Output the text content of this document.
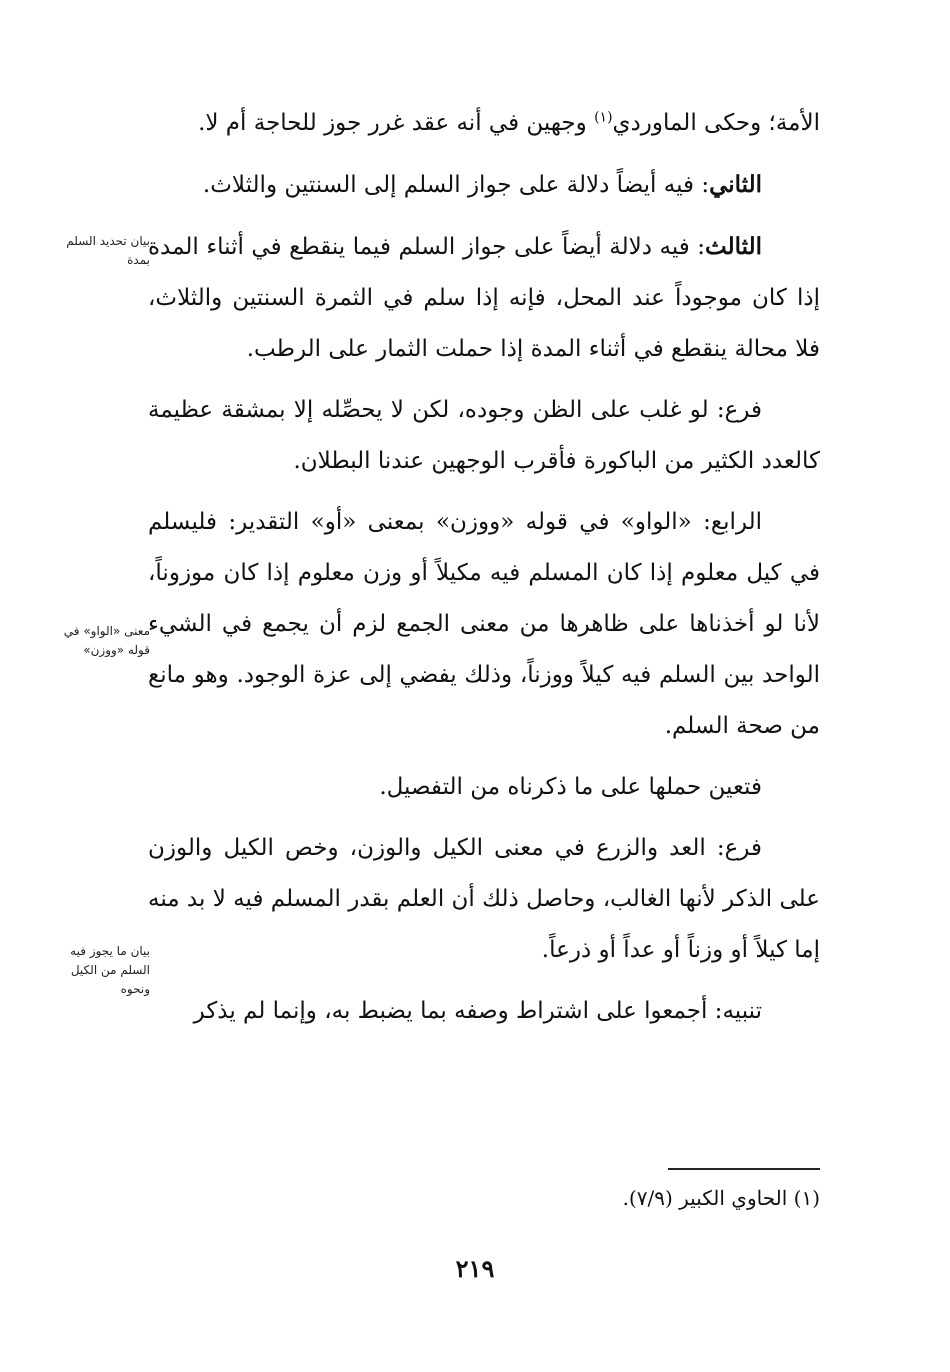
الأمة؛ وحكى الماوردي$^{(١)}$ وجهين في أنه عقد غرر جوز للحاجة أم لا.

الثاني: فيه أيضاً دلالة على جواز السلم إلى السنتين والثلاث.

الثالث: فيه دلالة أيضاً على جواز السلم فيما ينقطع في أثناء المدة إذا كان موجوداً عند المحل، فإنه إذا سلم في الثمرة السنتين والثلاث، فلا محالة ينقطع في أثناء المدة إذا حملت الثمار على الرطب.

فرع: لو غلب على الظن وجوده، لكن لا يحصِّله إلا بمشقة عظيمة كالعدد الكثير من الباكورة فأقرب الوجهين عندنا البطلان.

الرابع: «الواو» في قوله «ووزن» بمعنى «أو» التقدير: فليسلم في كيل معلوم إذا كان المسلم فيه مكيلاً أو وزن معلوم إذا كان موزوناً، لأنا لو أخذناها على ظاهرها من معنى الجمع لزم أن يجمع في الشيء الواحد بين السلم فيه كيلاً ووزناً، وذلك يفضي إلى عزة الوجود. وهو مانع من صحة السلم.

فتعين حملها على ما ذكرناه من التفصيل.

فرع: العد والزرع في معنى الكيل والوزن، وخص الكيل والوزن على الذكر لأنها الغالب، وحاصل ذلك أن العلم بقدر المسلم فيه لا بد منه إما كيلاً أو وزناً أو عداً أو ذرعاً.

تنبيه: أجمعوا على اشتراط وصفه بما يضبط به، وإنما لم يذكر

بيان تحديد السلم بمدة
معنى «الواو» في قوله «ووزن»
بيان ما يجوز فيه السلم من الكيل ونحوه
(١) الحاوي الكبير (٧/٩).
٢١٩
